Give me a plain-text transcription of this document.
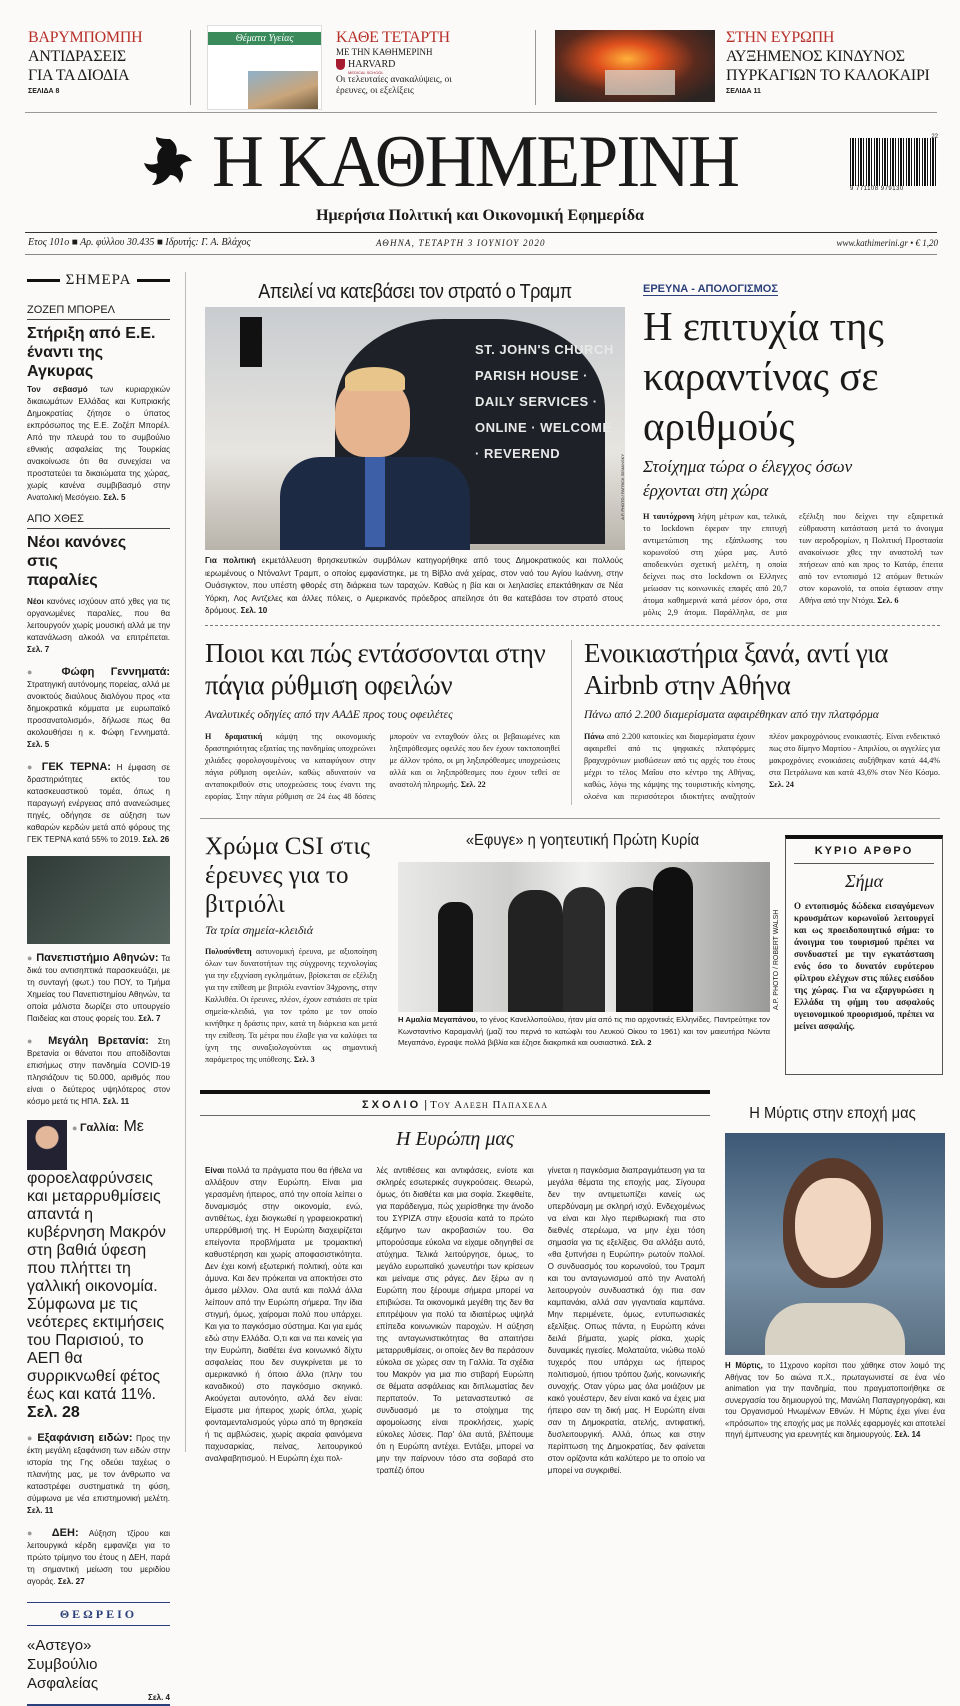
ΒΑΡΥΜΠΟΜΠΗ
ΑΝΤΙΔΡΑΣΕΙΣ ΓΙΑ ΤΑ ΔΙΟΔΙΑ
ΣΕΛΙΔΑ 8
Θέματα Υγείας	ΚΑΘΕ ΤΕΤΑΡΤΗ
ΜΕ ΤΗΝ ΚΑΘΗΜΕΡΙΝΗ
HARVARD
MEDICAL SCHOOL
Οι τελευταίες ανακαλύψεις, οι έρευνες, οι εξελίξεις
ΣΤΗΝ ΕΥΡΩΠΗ
ΑΥΞΗΜΕΝΟΣ ΚΙΝΔΥΝΟΣ ΠΥΡΚΑΓΙΩΝ ΤΟ ΚΑΛΟΚΑΙΡΙ
ΣΕΛΙΔΑ 11
Η ΚΑΘΗΜΕΡΙΝΗ	9 771108 979130
22
Ημερήσια Πολιτική και Οικονομική Εφημερίδα
Ετος 101ο ■ Αρ. φύλλου 30.435 ■ Ιδρυτής: Γ. Α. Βλάχος	ΑΘΗΝΑ, ΤΕΤΑΡΤΗ 3 ΙΟΥΝΙΟΥ 2020	www.kathimerini.gr • € 1,20
ΣΗΜΕΡΑ
ΖΟΖΕΠ ΜΠΟΡΕΛ
Στήριξη από Ε.Ε. έναντι της Αγκυρας

Τον σεβασμό των κυριαρχικών δικαιωμάτων Ελλάδας και Κυπριακής Δημοκρατίας ζήτησε ο ύπατος εκπρόσωπος της Ε.Ε. Ζοζέπ Μπορέλ. Από την πλευρά του το συμβούλιο εθνικής ασφαλείας της Τουρκίας ανακοίνωσε ότι θα συνεχίσει να προστατεύει τα δικαιώματα της χώρας, χωρίς κανένα συμβιβασμό στην Ανατολική Μεσόγειο. Σελ. 5

ΑΠΟ ΧΘΕΣ
Νέοι κανόνες στις παραλίες

Νέοι κανόνες ισχύουν από χθες για τις οργανωμένες παραλίες, που θα λειτουργούν χωρίς μουσική αλλά με την κατανάλωση αλκοόλ να επιτρέπεται. Σελ. 7

● Φώφη Γεννηματά: Στρατηγική αυτόνομης πορείας, αλλά με ανοικτούς διαύλους διαλόγου προς «τα δημοκρατικά κόμματα με ευρωπαϊκό προσανατολισμό», δήλωσε πως θα ακολουθήσει η κ. Φώφη Γεννηματά. Σελ. 5

● ΓΕΚ ΤΕΡΝΑ: Η έμφαση σε δραστηριότητες εκτός του κατασκευαστικού τομέα, όπως η παραγωγή ενέργειας από ανανεώσιμες πηγές, οδήγησε σε αύξηση των καθαρών κερδών μετά από φόρους της ΓΕΚ ΤΕΡΝΑ κατά 55% το 2019. Σελ. 26

● Πανεπιστήμιο Αθηνών: Τα δικά του αντισηπτικά παρασκευάζει, με τη συνταγή (φωτ.) του ΠΟΥ, το Τμήμα Χημείας του Πανεπιστημίου Αθηνών, τα οποία μάλιστα δωρίζει στο υπουργείο Παιδείας και στους φορείς του. Σελ. 7

● Μεγάλη Βρετανία: Στη Βρετανία οι θάνατοι που αποδίδονται επισήμως στην πανδημία COVID-19 πλησιάζουν τις 50.000, αριθμός που είναι ο δεύτερος υψηλότερος στον κόσμο μετά τις ΗΠΑ. Σελ. 11

● Γαλλία: Με φοροελαφρύνσεις και μεταρρυθμίσεις απαντά η κυβέρνηση Μακρόν στη βαθιά ύφεση που πλήττει τη γαλλική οικονομία. Σύμφωνα με τις νεότερες εκτιμήσεις του Παρισιού, το ΑΕΠ θα συρρικνωθεί φέτος έως και κατά 11%. Σελ. 28

● Εξαφάνιση ειδών: Προς την έκτη μεγάλη εξαφάνιση των ειδών στην ιστορία της Γης οδεύει ταχέως ο πλανήτης μας, με τον άνθρωπο να καταστρέφει συστηματικά τη φύση, σύμφωνα με νέα επιστημονική μελέτη. Σελ. 11

● ΔΕΗ: Αύξηση τζίρου και λειτουργικά κέρδη εμφανίζει για το πρώτο τρίμηνο του έτους η ΔΕΗ, παρά τη σημαντική μείωση του μεριδίου αγοράς. Σελ. 27

ΘΕΩΡΕΙΟ
«Αστεγο» Συμβούλιο Ασφαλείας
Σελ. 4
Απειλεί να κατεβάσει τον στρατό ο Τραμπ
ST. JOHN'S CHURCH PARISH HOUSE · DAILY SERVICES · ONLINE · WELCOME · REVEREND
A.P. PHOTO / PATRICK SEMANSKY

Για πολιτική εκμετάλλευση θρησκευτικών συμβόλων κατηγορήθηκε από τους Δημοκρατικούς και πολλούς ιερωμένους ο Ντόναλντ Τραμπ, ο οποίος εμφανίστηκε, με τη Βίβλο ανά χείρας, στον ναό του Αγίου Ιωάννη, στην Ουάσιγκτον, που υπέστη φθορές στη διάρκεια των ταραχών. Καθώς η βία και οι λεηλασίες επεκτάθηκαν σε Νέα Υόρκη, Λος Αντζελες και άλλες πόλεις, ο Αμερικανός πρόεδρος απείλησε ότι θα κατεβάσει τον στρατό στους δρόμους. Σελ. 10

ΕΡΕΥΝΑ - ΑΠΟΛΟΓΙΣΜΟΣ
Η επιτυχία της καραντίνας σε αριθμούς
Στοίχημα τώρα ο έλεγχος όσων έρχονται στη χώρα
Η ταυτόχρονη λήψη μέτρων και, τελικά, το lockdown έφεραν την επιτυχή αντιμετώπιση της εξάπλωσης του κορωνοϊού στη χώρα μας. Αυτό αποδεικνύει σχετική μελέτη, η οποία δείχνει πως στο lockdown οι Ελληνες μείωσαν τις κοινωνικές επαφές από 20,7 άτομα καθημερινά κατά μέσον όρο, στα μόλις 2,9 άτομα. Παράλληλα, σε μια εξέλιξη που δείχνει την εξαιρετικά εύθραυστη κατάσταση μετά το άνοιγμα των αεροδρομίων, η Πολιτική Προστασία ανακοίνωσε χθες την αναστολή των πτήσεων από και προς το Κατάρ, έπειτα από τον εντοπισμό 12 ατόμων θετικών στον κορωνοϊό, τα οποία έφτασαν στην Αθήνα από την Ντόχα. Σελ. 6
Ποιοι και πώς εντάσσονται στην πάγια ρύθμιση οφειλών
Αναλυτικές οδηγίες από την ΑΑΔΕ προς τους οφειλέτες
Η δραματική κάμψη της οικονομικής δραστηριότητας εξαιτίας της πανδημίας υποχρεώνει χιλιάδες φορολογουμένους να καταφύγουν στην πάγια ρύθμιση οφειλών, καθώς αδυνατούν να ανταποκριθούν στις υποχρεώσεις τους έναντι της εφορίας. Στην πάγια ρύθμιση σε 24 έως 48 δόσεις μπορούν να ενταχθούν όλες οι βεβαιωμένες και ληξιπρόθεσμες οφειλές που δεν έχουν τακτοποιηθεί με άλλον τρόπο, οι μη ληξιπρόθεσμες υποχρεώσεις αλλά και οι ληξιπρόθεσμες που έχουν τεθεί σε αναστολή πληρωμής. Σελ. 22
Ενοικιαστήρια ξανά, αντί για Airbnb στην Αθήνα
Πάνω από 2.200 διαμερίσματα αφαιρέθηκαν από την πλατφόρμα
Πάνω από 2.200 κατοικίες και διαμερίσματα έχουν αφαιρεθεί από τις ψηφιακές πλατφόρμες βραχυχρόνιων μισθώσεων από τις αρχές του έτους μέχρι το τέλος Μαΐου στο κέντρο της Αθήνας, καθώς, λόγω της κάμψης της τουριστικής κίνησης, ολοένα και περισσότεροι ιδιοκτήτες αναζητούν πλέον μακροχρόνιους ενοικιαστές. Είναι ενδεικτικό πως στο δίμηνο Μαρτίου - Απριλίου, οι αγγελίες για μακροχρόνιες ενοικιάσεις αυξήθηκαν κατά 44,4% στα Πετράλωνα και κατά 43,6% στον Νέο Κόσμο. Σελ. 24
Χρώμα CSI στις έρευνες για το βιτριόλι
Τα τρία σημεία-κλειδιά

Πολυσύνθετη αστυνομική έρευνα, με αξιοποίηση όλων των δυνατοτήτων της σύγχρονης τεχνολογίας για την εξιχνίαση εγκλημάτων, βρίσκεται σε εξέλιξη για την επίθεση με βιτριόλι εναντίον 34χρονης, στην Καλλιθέα. Οι έρευνες, πλέον, έχουν εστιάσει σε τρία σημεία-κλειδιά, για τον τρόπο με τον οποίο κινήθηκε η δράστις πριν, κατά τη διάρκεια και μετά την επίθεση. Τα μέτρα που έλαβε για να καλύψει τα ίχνη της συναξιολογούνται ως σημαντική παράμετρος της υπόθεσης. Σελ. 3

«Εφυγε» η γοητευτική Πρώτη Κυρία
A.P. PHOTO / ROBERT WALSH

Η Αμαλία Μεγαπάνου, το γένος Κανελλοπούλου, ήταν μία από τις πιο αρχοντικές Ελληνίδες. Παντρεύτηκε τον Κωνσταντίνο Καραμανλή (μαζί του περνά το κατώφλι του Λευκού Οίκου το 1961) και τον μαιευτήρα Νώντα Μεγαπάνο, έγραψε πολλά βιβλία και έζησε διακριτικά και ουσιαστικά. Σελ. 2

ΚΥΡΙΟ ΑΡΘΡΟ
Σήμα

Ο εντοπισμός δώδεκα εισαγόμενων κρουσμάτων κορωνοϊού λειτουργεί και ως προειδοποιητικό σήμα: το άνοιγμα του τουρισμού πρέπει να συνδυαστεί με την εγκατάσταση ενός όσο το δυνατόν ευρύτερου φίλτρου ελέγχων στις πύλες εισόδου της χώρας. Για να εξαργυρώσει η Ελλάδα τη φήμη του ασφαλούς υγειονομικού προορισμού, πρέπει να μείνει ασφαλής.

ΣΧΟΛΙΟ | Του Αλεξη Παπαχελα
Η Ευρώπη μας

Είναι πολλά τα πράγματα που θα ήθελα να αλλάξουν στην Ευρώπη. Είναι μια γερασμένη ήπειρος, από την οποία λείπει ο δυναμισμός στην οικονομία, ενώ, αντιθέτως, έχει διογκωθεί η γραφειοκρατική υπερρύθμισή της. Η Ευρώπη διαχειρίζεται επείγοντα προβλήματα με τρομακτική καθυστέρηση και χωρίς αποφασιστικότητα. Δεν έχει κοινή εξωτερική πολιτική, ούτε και άμυνα. Και δεν πρόκειται να αποκτήσει στο άμεσο μέλλον. Ολα αυτά και πολλά άλλα λείπουν από την Ευρώπη σήμερα. Την ίδια στιγμή, όμως, χαίρομαι πολύ που υπάρχει. Και για το παγκόσμιο σύστημα. Και για εμάς εδώ στην Ελλάδα. Ο,τι και να πει κανείς για την Ευρώπη, διαθέτει ένα κοινωνικό δίχτυ ασφαλείας που δεν συγκρίνεται με το αμερικανικό ή όποιο άλλο (πλην του καναδικού) στο παγκόσμιο σκηνικό. Ακούγεται αυτονόητο, αλλά δεν είναι: Είμαστε μια ήπειρος χωρίς όπλα, χωρίς φονταμενταλισμούς γύρω από τη θρησκεία ή τις αμβλώσεις, χωρίς ακραία φαινόμενα παχυσαρκίας, πείνας, λειτουργικού αναλφαβητισμού. Η Ευρώπη έχει πολ-

λές αντιθέσεις και αντιφάσεις, ενίοτε και σκληρές εσωτερικές συγκρούσεις. Θεωρώ, όμως, ότι διαθέτει και μια σοφία. Σκεφθείτε, για παράδειγμα, πώς χειρίσθηκε την άνοδο του ΣΥΡΙΖΑ στην εξουσία κατά το πρώτο εξάμηνο των ακροβασιών του. Θα μπορούσαμε εύκολα να είχαμε οδηγηθεί σε ατύχημα. Τελικά λειτούργησε, όμως, το μεγάλο ευρωπαϊκό χωνευτήρι των κρίσεων και μείναμε στις ράγες. Δεν ξέρω αν η Ευρώπη που ξέρουμε σήμερα μπορεί να επιβιώσει. Τα οικονομικά μεγέθη της δεν θα επιτρέψουν για πολύ τα ιδιαιτέρως υψηλά επίπεδα κοινωνικών παροχών. Η αύξηση της ανταγωνιστικότητας θα απαιτήσει μεταρρυθμίσεις, οι οποίες δεν θα περάσουν εύκολα σε χώρες σαν τη Γαλλία. Τα σχέδια του Μακρόν για μια πιο στιβαρή Ευρώπη σε θέματα ασφάλειας και διπλωματίας δεν περπατούν. Το μεταναστευτικό σε συνδυασμό με το στοίχημα της αφομοίωσης είναι προκλήσεις, χωρίς εύκολες λύσεις. Παρ' όλα αυτά, βλέπουμε ότι η Ευρώπη αντέχει. Εντάξει, μπορεί να μην την παίρνουν τόσο στα σοβαρά στο τραπέζι όπου

γίνεται η παγκόσμια διαπραγμάτευση για τα μεγάλα θέματα της εποχής μας. Σίγουρα δεν την αντιμετωπίζει κανείς ως υπερδύναμη με σκληρή ισχύ. Ενδεχομένως να είναι και λίγο περιθωριακή πια στο διεθνές στερέωμα, να μην έχει τόση σημασία για τις εξελίξεις. Θα αλλάξει αυτό, «θα ξυπνήσει η Ευρώπη» ρωτούν πολλοί. Ο συνδυασμός του κορωνοϊού, του Τραμπ και του ανταγωνισμού από την Ανατολή λειτουργούν συνδυαστικά όχι πια σαν καμπανάκι, αλλά σαν γιγαντιαία καμπάνα. Μην περιμένετε, όμως, εντυπωσιακές εξελίξεις. Οπως πάντα, η Ευρώπη κάνει δειλά βήματα, χωρίς ρίσκα, χωρίς δυναμικές ηγεσίες. Μολαταύτα, νιώθω πολύ τυχερός που υπάρχει ως ήπειρος πολιτισμού, ήπιου τρόπου ζωής, κοινωνικής συνοχής. Οταν γύρω μας όλα μοιάζουν με κακό γουέστερν, δεν είναι κακό να έχεις μια ήπειρο σαν τη δική μας. Η Ευρώπη είναι σαν τη Δημοκρατία, ατελής, αντιφατική, δυσλειτουργική. Αλλά, όπως και στην περίπτωση της Δημοκρατίας, δεν φαίνεται στον ορίζοντα κάτι καλύτερο με το οποίο να μπορεί να συγκριθεί.

Η Μύρτις στην εποχή μας

Η Μύρτις, το 11χρονο κορίτσι που χάθηκε στον λοιμό της Αθήνας τον 5ο αιώνα π.Χ., πρωταγωνιστεί σε ένα νέο animation για την πανδημία, που πραγματοποιήθηκε σε συνεργασία του δημιουργού της, Μανώλη Παπαγρηγοράκη, και του Οργανισμού Ηνωμένων Εθνών. Η Μύρτις έχει γίνει ένα «πρόσωπο» της εποχής μας με πολλές εφαρμογές και αποτελεί πηγή έμπνευσης για ερευνητές και δημιουργούς. Σελ. 14
